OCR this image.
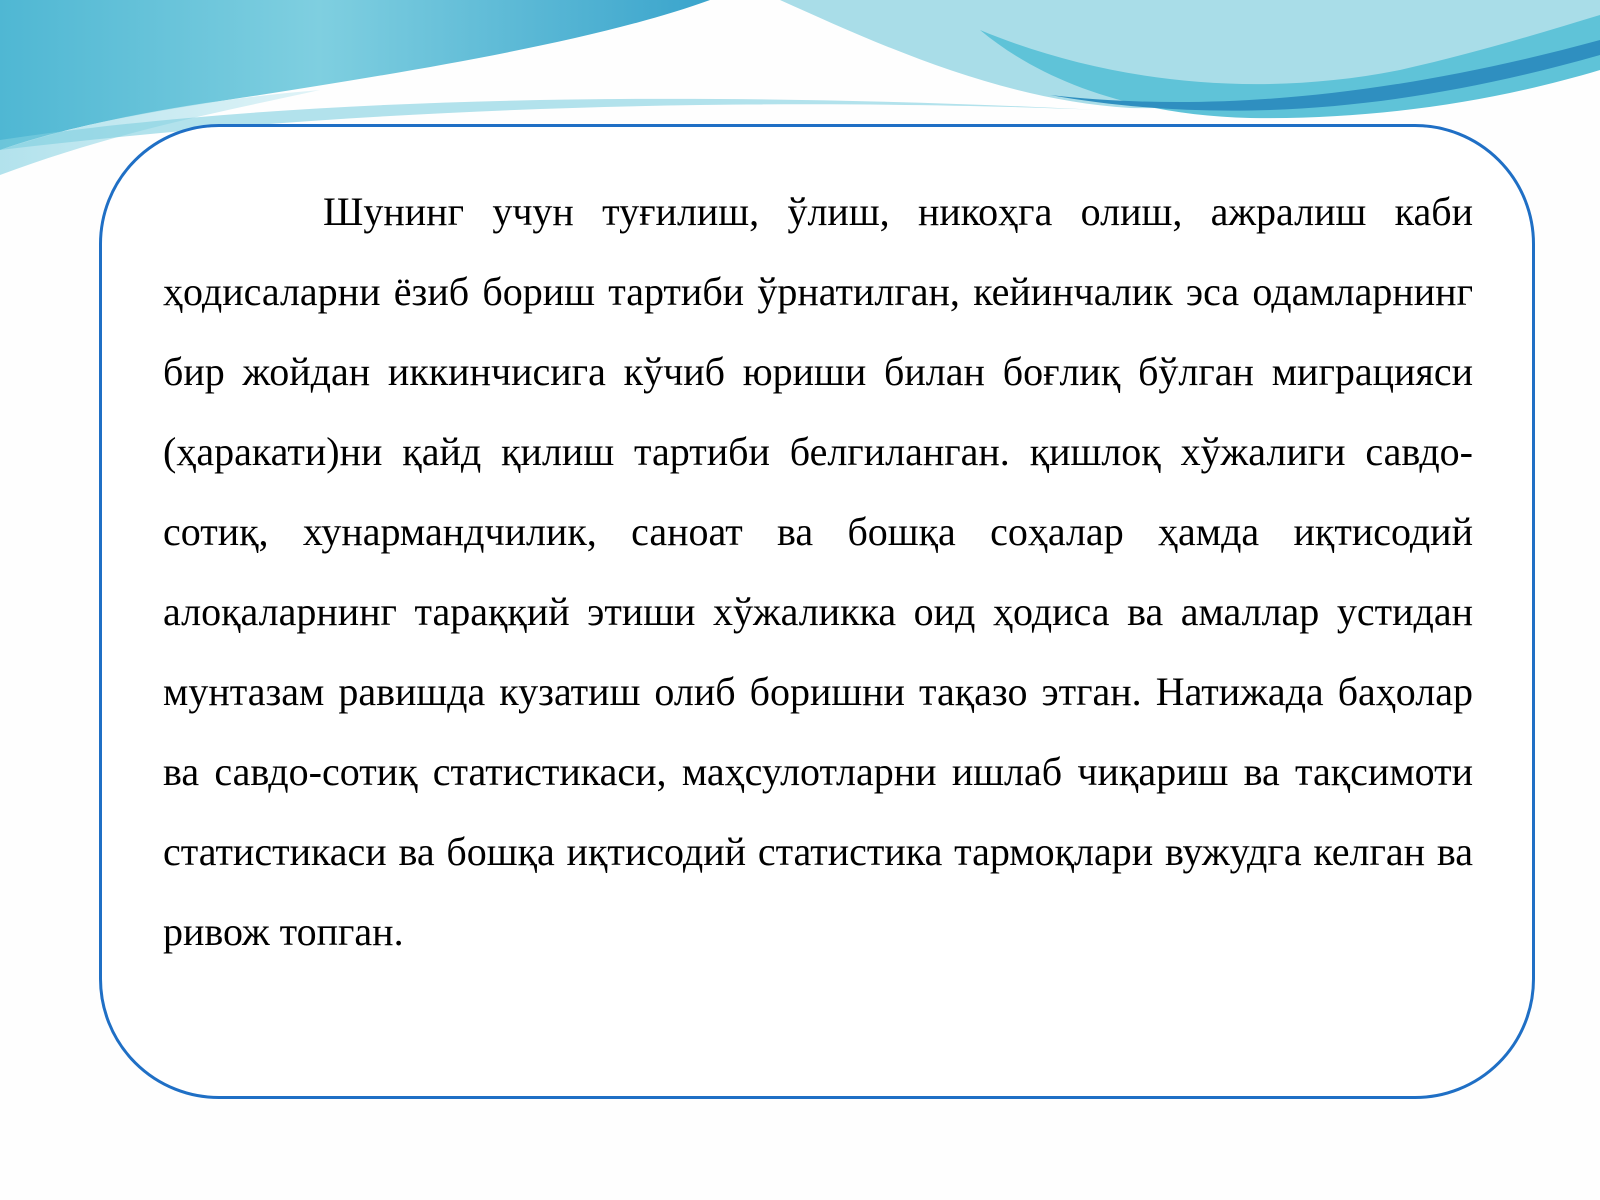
Шунинг учун туғилиш, ўлиш, никоҳга олиш, ажралиш каби ҳодисаларни ёзиб бориш тартиби ўрнатилган, кейинчалик эса одамларнинг бир жойдан иккинчисига кўчиб юриши билан боғлиқ бўлган миграцияси (ҳаракати)ни қайд қилиш тартиби белгиланган. қишлоқ хўжалиги савдо- сотиқ, хунармандчилик, саноат ва бошқа соҳалар ҳамда иқтисодий алоқаларнинг тараққий этиши хўжаликка оид ҳодиса ва амаллар устидан мунтазам равишда кузатиш олиб боришни тақазо этган. Натижада баҳолар ва савдо-сотиқ статистикаси, маҳсулотларни ишлаб чиқариш ва тақсимоти статистикаси ва бошқа иқтисодий статистика тармоқлари вужудга келган ва ривож топган.
